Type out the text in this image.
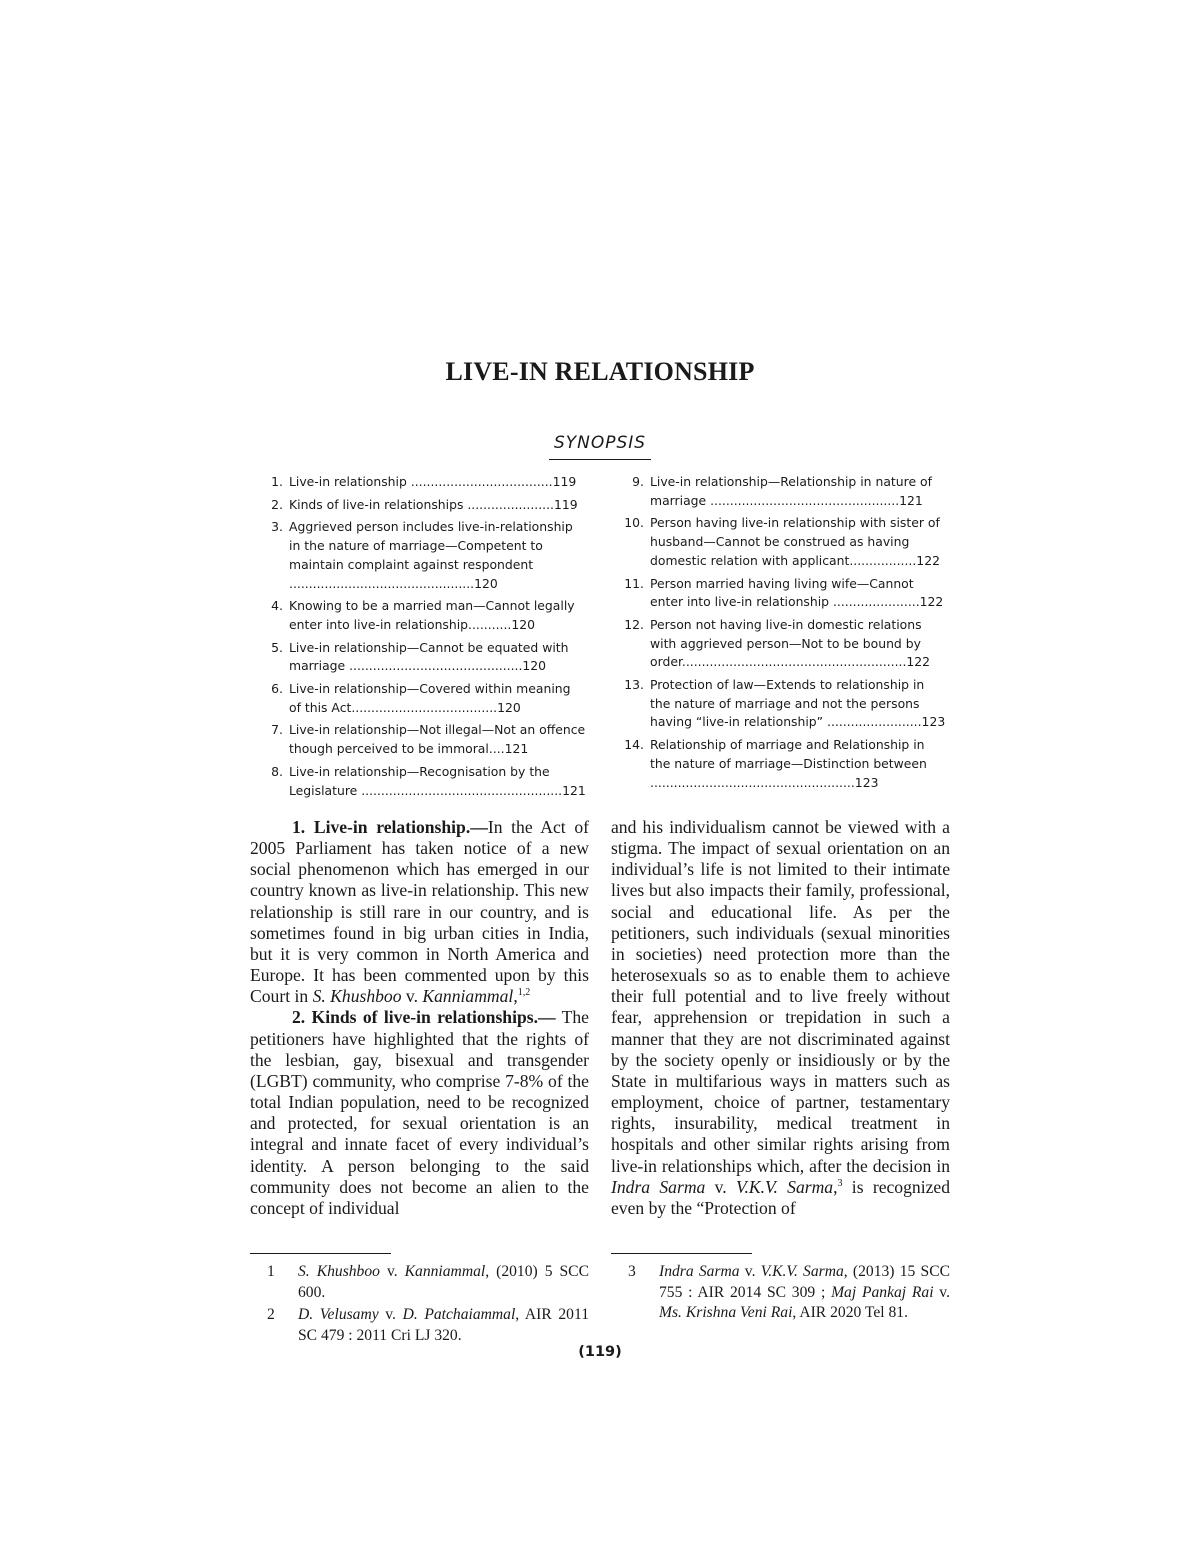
LIVE-IN RELATIONSHIP
SYNOPSIS
1. Live-in relationship ....................................119
2. Kinds of live-in relationships ......................119
3. Aggrieved person includes live-in-relationship in the nature of marriage—Competent to maintain complaint against respondent ...............................................120
4. Knowing to be a married man—Cannot legally enter into live-in relationship...........120
5. Live-in relationship—Cannot be equated with marriage ............................................120
6. Live-in relationship—Covered within meaning of this Act.....................................120
7. Live-in relationship—Not illegal—Not an offence though perceived to be immoral....121
8. Live-in relationship—Recognisation by the Legislature ...................................................121
9. Live-in relationship—Relationship in nature of marriage ................................................121
10. Person having live-in relationship with sister of husband—Cannot be construed as having domestic relation with applicant.................122
11. Person married having living wife—Cannot enter into live-in relationship ......................122
12. Person not having live-in domestic relations with aggrieved person—Not to be bound by order.........................................................122
13. Protection of law—Extends to relationship in the nature of marriage and not the persons having “live-in relationship” ........................123
14. Relationship of marriage and Relationship in the nature of marriage—Distinction between ....................................................123

1. Live-in relationship.—In the Act of 2005 Parliament has taken notice of a new social phenomenon which has emerged in our country known as live-in relationship. This new relationship is still rare in our country, and is sometimes found in big urban cities in India, but it is very common in North America and Europe. It has been commented upon by this Court in S. Khushboo v. Kanniammal,$^{1,2}$

2. Kinds of live-in relationships.— The petitioners have highlighted that the rights of the lesbian, gay, bisexual and transgender (LGBT) community, who comprise 7-8% of the total Indian population, need to be recognized and protected, for sexual orientation is an integral and innate facet of every individual’s identity. A person belonging to the said community does not become an alien to the concept of individual

and his individualism cannot be viewed with a stigma. The impact of sexual orientation on an individual’s life is not limited to their intimate lives but also impacts their family, professional, social and educational life. As per the petitioners, such individuals (sexual minorities in societies) need protection more than the heterosexuals so as to enable them to achieve their full potential and to live freely without fear, apprehension or trepidation in such a manner that they are not discriminated against by the society openly or insidiously or by the State in multifarious ways in matters such as employment, choice of partner, testamentary rights, insurability, medical treatment in hospitals and other similar rights arising from live-in relationships which, after the decision in Indra Sarma v. V.K.V. Sarma,$^3$ is recognized even by the “Protection of

1	S. Khushboo v. Kanniammal, (2010) 5 SCC 600.
2	D. Velusamy v. D. Patchaiammal, AIR 2011 SC 479 : 2011 Cri LJ 320.
3	Indra Sarma v. V.K.V. Sarma, (2013) 15 SCC 755 : AIR 2014 SC 309 ; Maj Pankaj Rai v. Ms. Krishna Veni Rai, AIR 2020 Tel 81.
(119)
